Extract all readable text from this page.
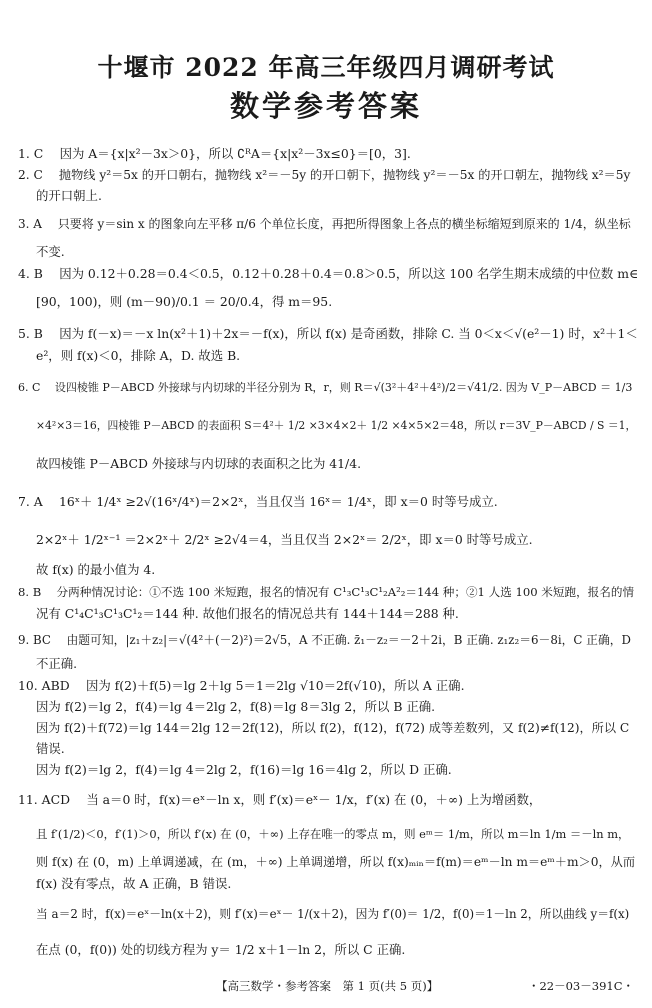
十堰市 2022 年高三年级四月调研考试
数学参考答案
1. C　 因为 A＝{x|x²－3x＞0}，所以 ∁ᴿA＝{x|x²－3x≤0}＝[0，3].
2. C　 抛物线 y²＝5x 的开口朝右，抛物线 x²＝－5y 的开口朝下，抛物线 y²＝－5x 的开口朝左，抛物线 x²＝5y
的开口朝上.
3. A　 只要将 y＝sin x 的图象向左平移 π/6 个单位长度，再把所得图象上各点的横坐标缩短到原来的 1/4，纵坐标
不变.
4. B　 因为 0.12＋0.28＝0.4＜0.5，0.12＋0.28＋0.4＝0.8＞0.5，所以这 100 名学生期末成绩的中位数 m∈
[90，100)，则 (m－90)/0.1 ＝ 20/0.4，得 m＝95.
5. B　 因为 f(－x)＝－x ln(x²＋1)＋2x＝－f(x)，所以 f(x) 是奇函数，排除 C. 当 0＜x＜√(e²－1) 时，x²＋1＜
e²，则 f(x)＜0，排除 A，D. 故选 B.
6. C　 设四棱锥 P－ABCD 外接球与内切球的半径分别为 R，r，则 R＝√(3²＋4²＋4²)/2＝√41/2. 因为 V_P－ABCD ＝ 1/3
×4²×3＝16，四棱锥 P－ABCD 的表面积 S＝4²＋ 1/2 ×3×4×2＋ 1/2 ×4×5×2＝48，所以 r＝3V_P－ABCD / S ＝1，
故四棱锥 P－ABCD 外接球与内切球的表面积之比为 41/4.
7. A　 16ˣ＋ 1/4ˣ ≥2√(16ˣ/4ˣ)＝2×2ˣ，当且仅当 16ˣ＝ 1/4ˣ，即 x＝0 时等号成立.
2×2ˣ＋ 1/2ˣ⁻¹ ＝2×2ˣ＋ 2/2ˣ ≥2√4＝4，当且仅当 2×2ˣ＝ 2/2ˣ，即 x＝0 时等号成立.
故 f(x) 的最小值为 4.
8. B　 分两种情况讨论：①不选 100 米短跑，报名的情况有 C¹₃C¹₃C¹₂A²₂＝144 种；②1 人选 100 米短跑，报名的情
况有 C¹₄C¹₃C¹₃C¹₂＝144 种. 故他们报名的情况总共有 144＋144＝288 种.
9. BC　 由题可知，|z₁＋z₂|＝√(4²＋(－2)²)＝2√5，A 不正确. z̄₁－z₂＝－2＋2i，B 正确. z₁z₂＝6－8i，C 正确，D
不正确.
10. ABD　 因为 f(2)＋f(5)＝lg 2＋lg 5＝1＝2lg √10＝2f(√10)，所以 A 正确.
因为 f(2)＝lg 2，f(4)＝lg 4＝2lg 2，f(8)＝lg 8＝3lg 2，所以 B 正确.
因为 f(2)＋f(72)＝lg 144＝2lg 12＝2f(12)，所以 f(2)，f(12)，f(72) 成等差数列，又 f(2)≠f(12)，所以 C
错误.
因为 f(2)＝lg 2，f(4)＝lg 4＝2lg 2，f(16)＝lg 16＝4lg 2，所以 D 正确.
11. ACD　 当 a＝0 时，f(x)＝eˣ－ln x，则 f′(x)＝eˣ－ 1/x，f′(x) 在 (0，＋∞) 上为增函数，
且 f′(1/2)＜0，f′(1)＞0，所以 f′(x) 在 (0，＋∞) 上存在唯一的零点 m，则 eᵐ＝ 1/m，所以 m＝ln 1/m ＝－ln m，
则 f(x) 在 (0，m) 上单调递减，在 (m，＋∞) 上单调递增，所以 f(x)ₘᵢₙ＝f(m)＝eᵐ－ln m＝eᵐ＋m＞0，从而
f(x) 没有零点，故 A 正确，B 错误.
当 a＝2 时，f(x)＝eˣ－ln(x＋2)，则 f′(x)＝eˣ－ 1/(x＋2)，因为 f′(0)＝ 1/2，f(0)＝1－ln 2，所以曲线 y＝f(x)
在点 (0，f(0)) 处的切线方程为 y＝ 1/2 x＋1－ln 2，所以 C 正确.
【高三数学・参考答案　第 1 页(共 5 页)】	・22－03－391C・
